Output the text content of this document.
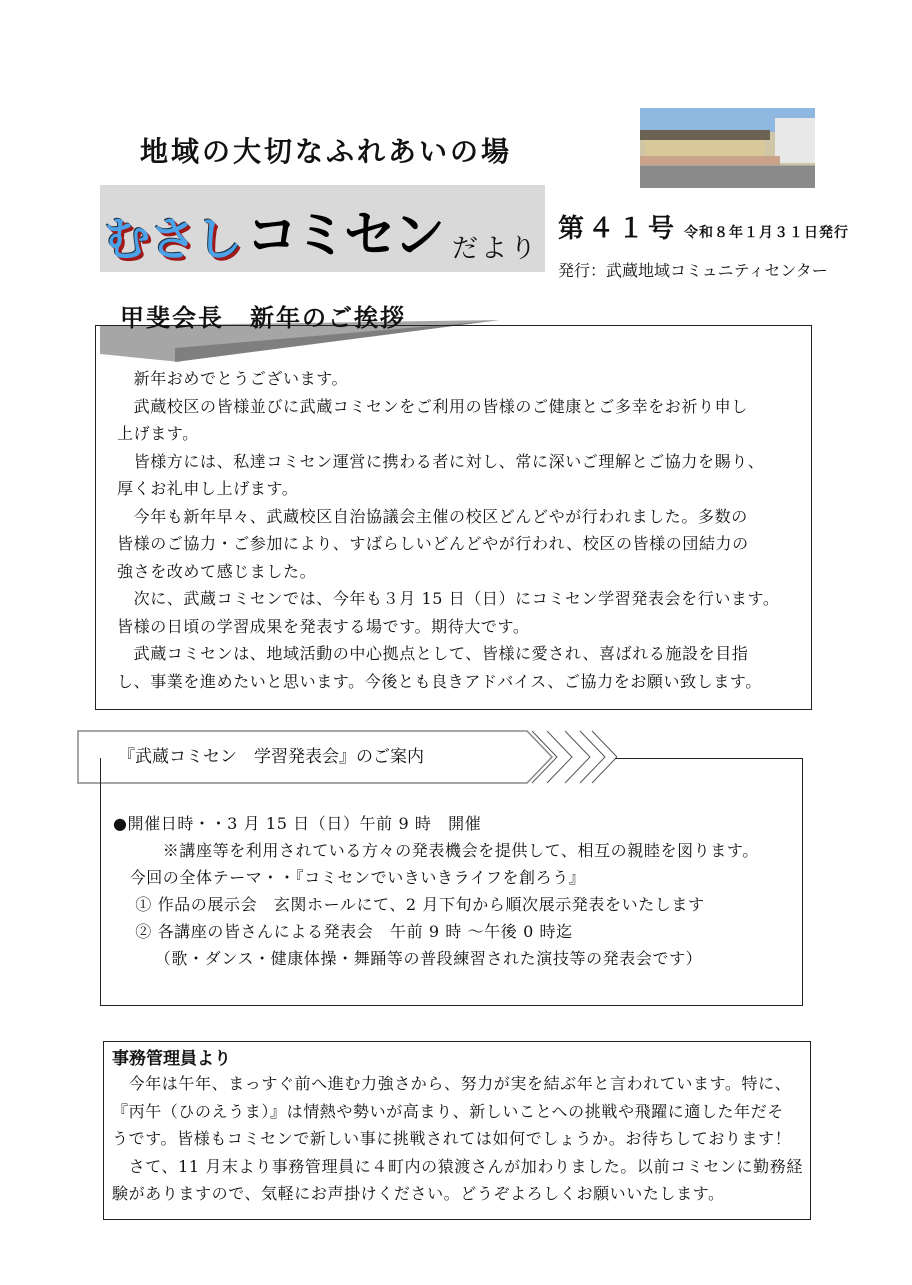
地域の大切なふれあいの場
むさし コミセン だより
第４１号 令和８年１月３１日発行
発行：武蔵地域コミュニティセンター
甲斐会長　新年のご挨拶
　新年おめでとうございます。
　武蔵校区の皆様並びに武蔵コミセンをご利用の皆様のご健康とご多幸をお祈り申し
上げます。
　皆様方には、私達コミセン運営に携わる者に対し、常に深いご理解とご協力を賜り、
厚くお礼申し上げます。
　今年も新年早々、武蔵校区自治協議会主催の校区どんどやが行われました。多数の
皆様のご協力・ご参加により、すばらしいどんどやが行われ、校区の皆様の団結力の
強さを改めて感じました。
　次に、武蔵コミセンでは、今年も３月 15 日（日）にコミセン学習発表会を行います。
皆様の日頃の学習成果を発表する場です。期待大です。
　武蔵コミセンは、地域活動の中心拠点として、皆様に愛され、喜ばれる施設を目指
し、事業を進めたいと思います。今後とも良きアドバイス、ご協力をお願い致します。
『武蔵コミセン　学習発表会』のご案内
●開催日時・・3 月 15 日（日）午前 9 時　開催
　　　※講座等を利用されている方々の発表機会を提供して、相互の親睦を図ります。
　今回の全体テーマ・・『コミセンでいきいきライフを創ろう』
　 ① 作品の展示会　玄関ホールにて、2 月下旬から順次展示発表をいたします
　 ② 各講座の皆さんによる発表会　午前 9 時 ～午後 0 時迄
　　　（歌・ダンス・健康体操・舞踊等の普段練習された演技等の発表会です）
事務管理員より
　今年は午年、まっすぐ前へ進む力強さから、努力が実を結ぶ年と言われています。特に、
『丙午（ひのえうま）』は情熱や勢いが高まり、新しいことへの挑戦や飛躍に適した年だそ
うです。皆様もコミセンで新しい事に挑戦されては如何でしょうか。お待ちしております！
　さて、11 月末より事務管理員に４町内の猿渡さんが加わりました。以前コミセンに勤務経
験がありますので、気軽にお声掛けください。どうぞよろしくお願いいたします。
